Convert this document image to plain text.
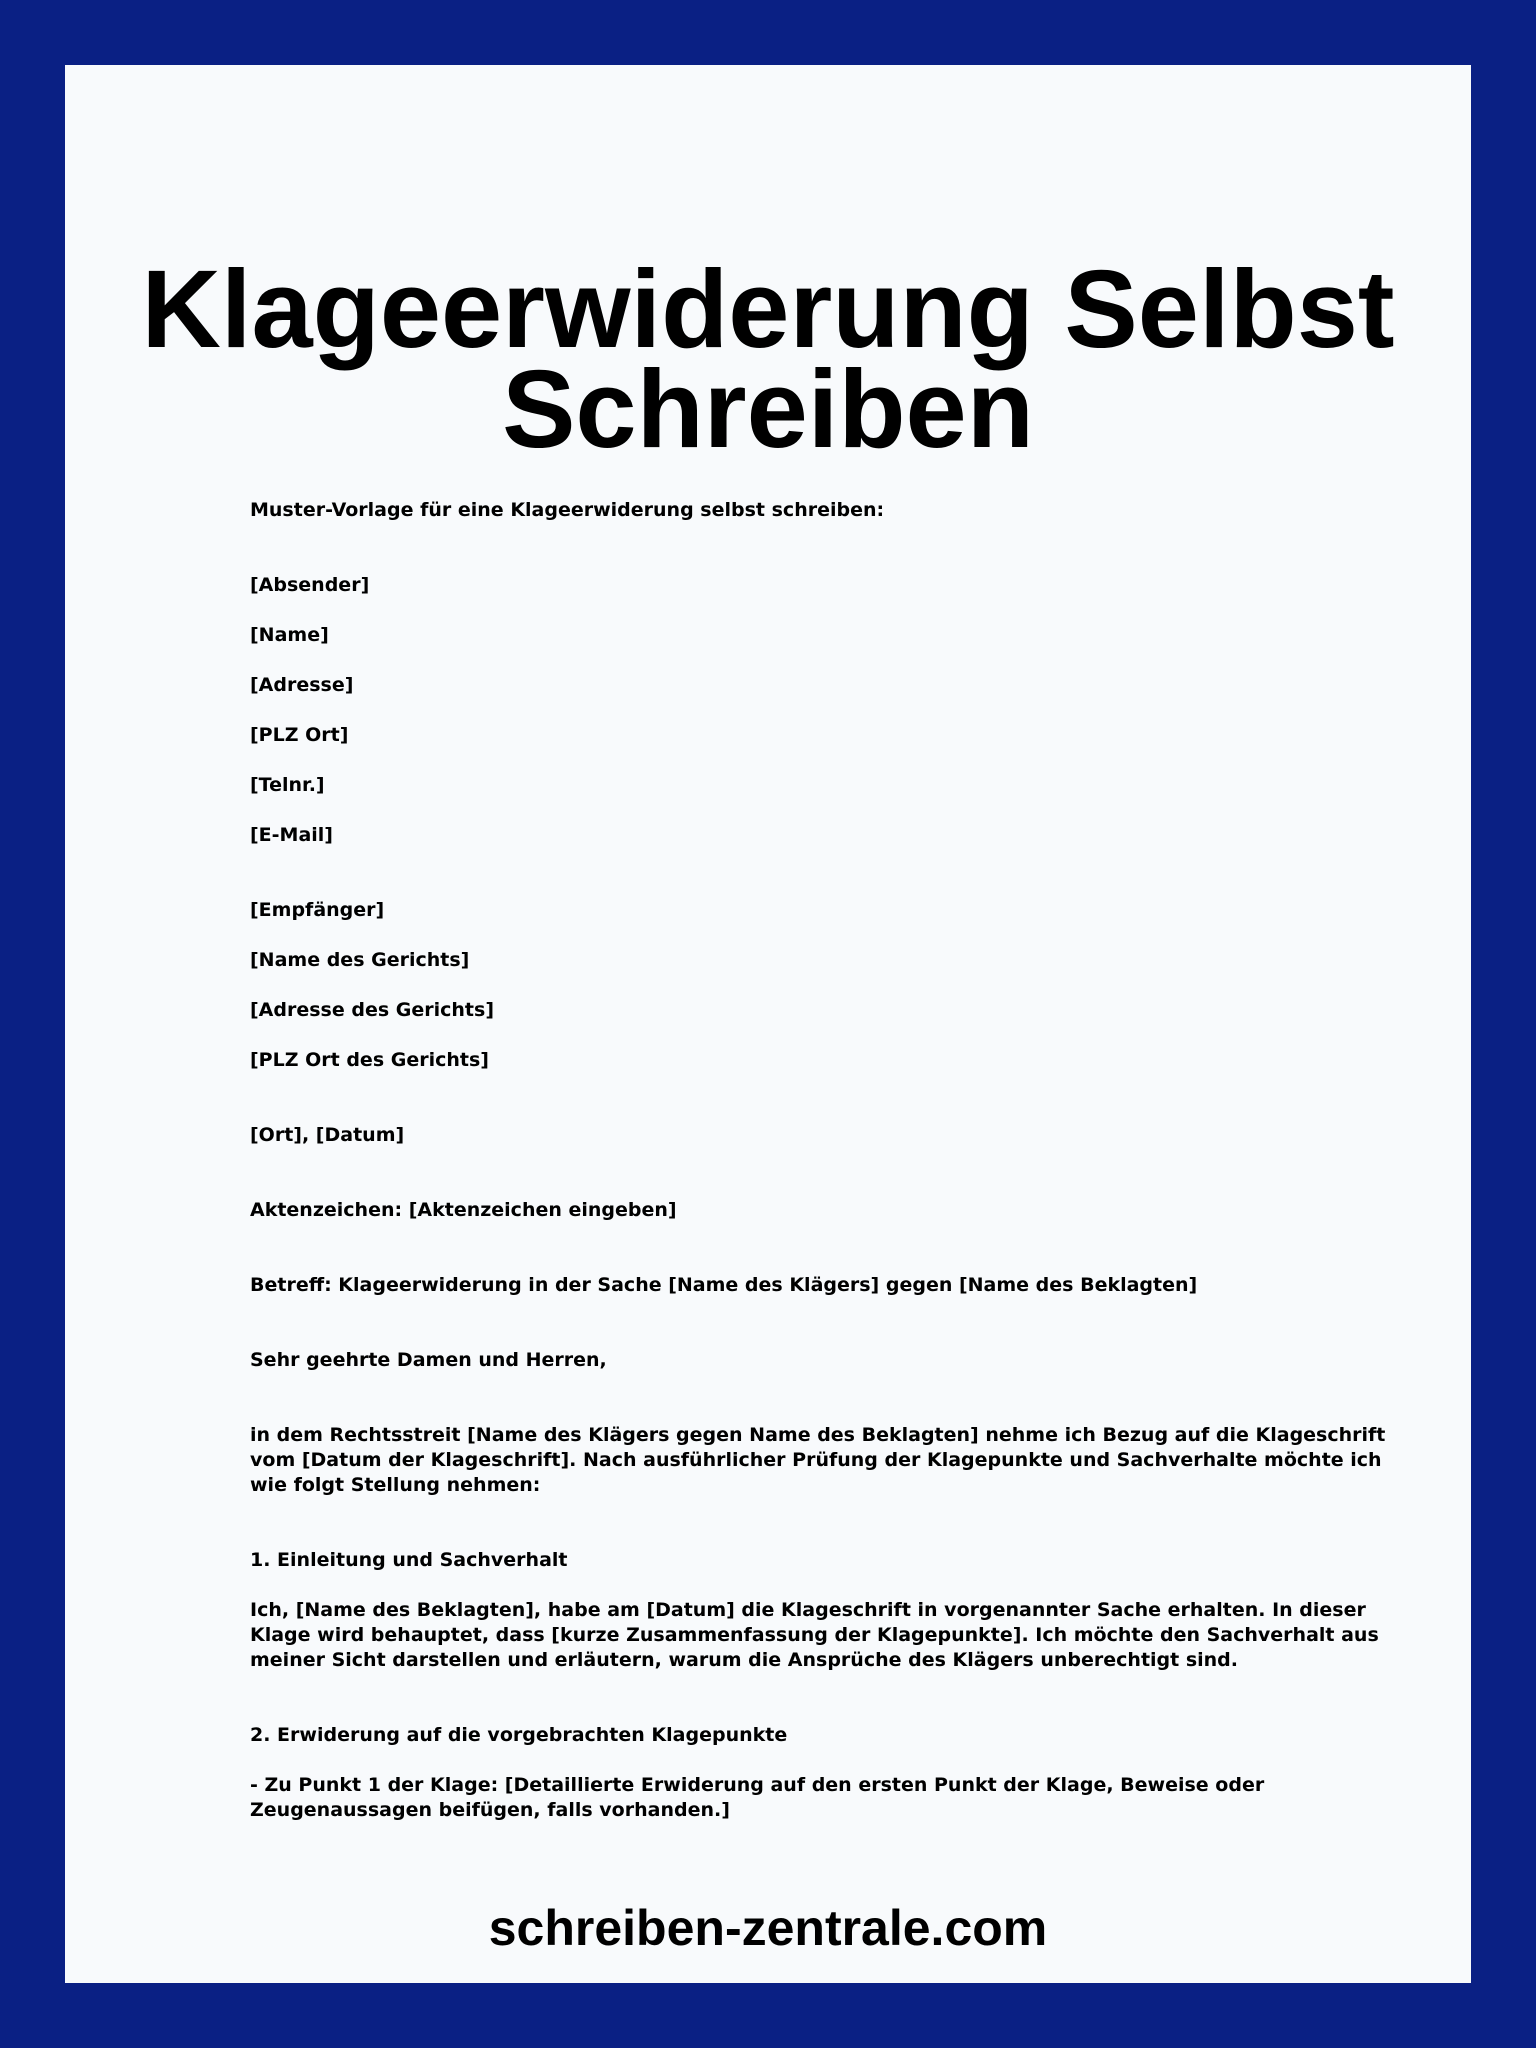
Klageerwiderung Selbst
Schreiben

Muster-Vorlage für eine Klageerwiderung selbst schreiben:

[Absender]

[Name]

[Adresse]

[PLZ Ort]

[Telnr.]

[E-Mail]

[Empfänger]

[Name des Gerichts]

[Adresse des Gerichts]

[PLZ Ort des Gerichts]

[Ort], [Datum]

Aktenzeichen: [Aktenzeichen eingeben]

Betreff: Klageerwiderung in der Sache [Name des Klägers] gegen [Name des Beklagten]

Sehr geehrte Damen und Herren,

in dem Rechtsstreit [Name des Klägers gegen Name des Beklagten] nehme ich Bezug auf die Klageschrift
vom [Datum der Klageschrift]. Nach ausführlicher Prüfung der Klagepunkte und Sachverhalte möchte ich
wie folgt Stellung nehmen:

1. Einleitung und Sachverhalt

Ich, [Name des Beklagten], habe am [Datum] die Klageschrift in vorgenannter Sache erhalten. In dieser
Klage wird behauptet, dass [kurze Zusammenfassung der Klagepunkte]. Ich möchte den Sachverhalt aus
meiner Sicht darstellen und erläutern, warum die Ansprüche des Klägers unberechtigt sind.

2. Erwiderung auf die vorgebrachten Klagepunkte

- Zu Punkt 1 der Klage: [Detaillierte Erwiderung auf den ersten Punkt der Klage, Beweise oder
Zeugenaussagen beifügen, falls vorhanden.]

schreiben-zentrale.com
